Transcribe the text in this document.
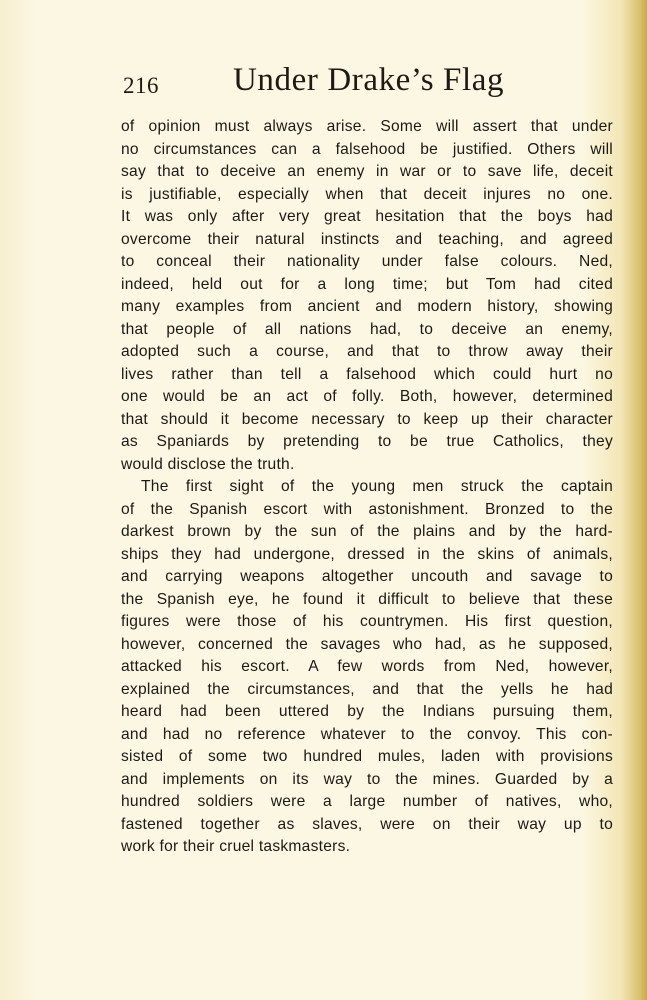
216 Under Drake’s Flag
of opinion must always arise. Some will assert that under
no circumstances can a falsehood be justified. Others will
say that to deceive an enemy in war or to save life, deceit
is justifiable, especially when that deceit injures no one.
It was only after very great hesitation that the boys had
overcome their natural instincts and teaching, and agreed
to conceal their nationality under false colours. Ned,
indeed, held out for a long time; but Tom had cited
many examples from ancient and modern history, showing
that people of all nations had, to deceive an enemy,
adopted such a course, and that to throw away their
lives rather than tell a falsehood which could hurt no
one would be an act of folly. Both, however, determined
that should it become necessary to keep up their character
as Spaniards by pretending to be true Catholics, they
would disclose the truth.
The first sight of the young men struck the captain
of the Spanish escort with astonishment. Bronzed to the
darkest brown by the sun of the plains and by the hard-
ships they had undergone, dressed in the skins of animals,
and carrying weapons altogether uncouth and savage to
the Spanish eye, he found it difficult to believe that these
figures were those of his countrymen. His first question,
however, concerned the savages who had, as he supposed,
attacked his escort. A few words from Ned, however,
explained the circumstances, and that the yells he had
heard had been uttered by the Indians pursuing them,
and had no reference whatever to the convoy. This con-
sisted of some two hundred mules, laden with provisions
and implements on its way to the mines. Guarded by a
hundred soldiers were a large number of natives, who,
fastened together as slaves, were on their way up to
work for their cruel taskmasters.
